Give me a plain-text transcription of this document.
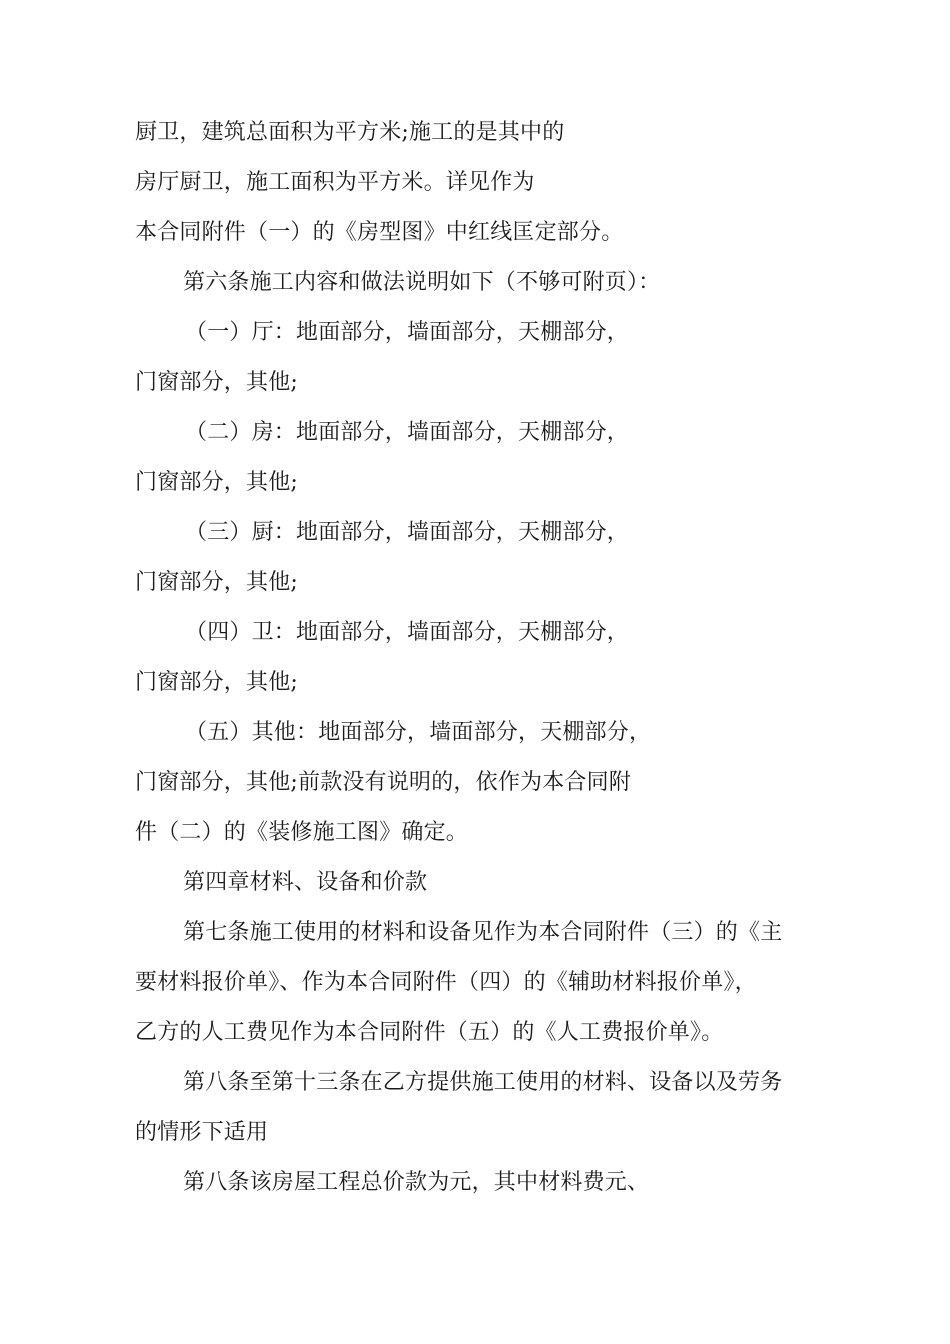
厨卫，建筑总面积为平方米;施工的是其中的
房厅厨卫，施工面积为平方米。详见作为
本合同附件（一）的《房型图》中红线匡定部分。
第六条施工内容和做法说明如下（不够可附页）：
（一）厅：地面部分，墙面部分，天棚部分，
门窗部分，其他;
（二）房：地面部分，墙面部分，天棚部分，
门窗部分，其他;
（三）厨：地面部分，墙面部分，天棚部分，
门窗部分，其他;
（四）卫：地面部分，墙面部分，天棚部分，
门窗部分，其他;
（五）其他：地面部分，墙面部分，天棚部分，
门窗部分，其他;前款没有说明的，依作为本合同附
件（二）的《装修施工图》确定。
第四章材料、设备和价款
第七条施工使用的材料和设备见作为本合同附件（三）的《主
要材料报价单》、作为本合同附件（四）的《辅助材料报价单》，
乙方的人工费见作为本合同附件（五）的《人工费报价单》。
第八条至第十三条在乙方提供施工使用的材料、设备以及劳务
的情形下适用
第八条该房屋工程总价款为元，其中材料费元、
